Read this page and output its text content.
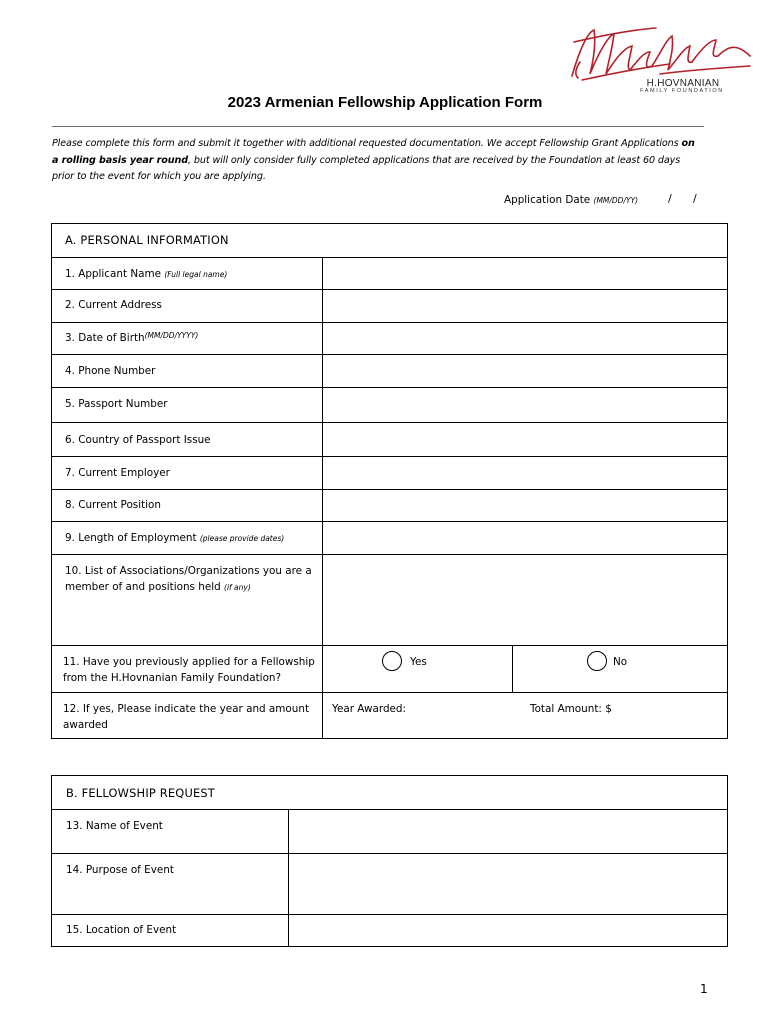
H.HOVNANIAN
FAMILY FOUNDATION
2023 Armenian Fellowship Application Form
Please complete this form and submit it together with additional requested documentation. We accept Fellowship Grant Applications on a rolling basis year round, but will only consider fully completed applications that are received by the Foundation at least 60 days prior to the event for which you are applying.
Application Date (MM/DD/YY)	/ /
A. PERSONAL INFORMATION
1. Applicant Name (Full legal name)
2. Current Address
3. Date of Birth$^{(MM/DD/YYYY)}$
4. Phone Number
5. Passport Number
6. Country of Passport Issue
7. Current Employer
8. Current Position
9. Length of Employment (please provide dates)
10. List of Associations/Organizations you are a member of and positions held (if any)
11. Have you previously applied for a Fellowship from the H.Hovnanian Family Foundation?
Yes	No
12. If yes, Please indicate the year and amount awarded
Year Awarded:	Total Amount: $
B. FELLOWSHIP REQUEST
13. Name of Event
14. Purpose of Event
15. Location of Event
1
